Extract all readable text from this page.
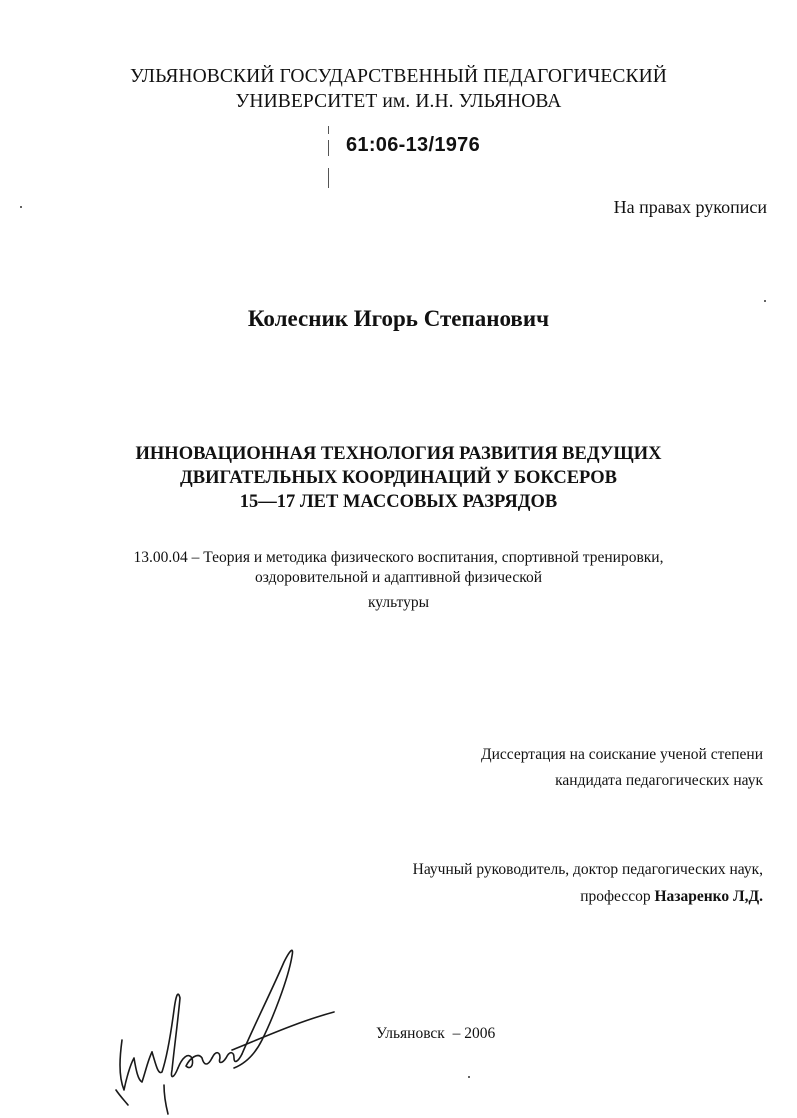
УЛЬЯНОВСКИЙ ГОСУДАРСТВЕННЫЙ ПЕДАГОГИЧЕСКИЙ
УНИВЕРСИТЕТ им. И.Н. УЛЬЯНОВА
61:06-13/1976
На правах рукописи
Колесник Игорь Степанович
ИННОВАЦИОННАЯ ТЕХНОЛОГИЯ РАЗВИТИЯ ВЕДУЩИХ
ДВИГАТЕЛЬНЫХ КООРДИНАЦИЙ У БОКСЕРОВ
15—17 ЛЕТ МАССОВЫХ РАЗРЯДОВ
13.00.04 – Теория и методика физического воспитания, спортивной тренировки,
оздоровительной и адаптивной физической
культуры
Диссертация на соискание ученой степени
кандидата педагогических наук
Научный руководитель, доктор педагогических наук,
профессор Назаренко Л,Д.
Ульяновск  – 2006
